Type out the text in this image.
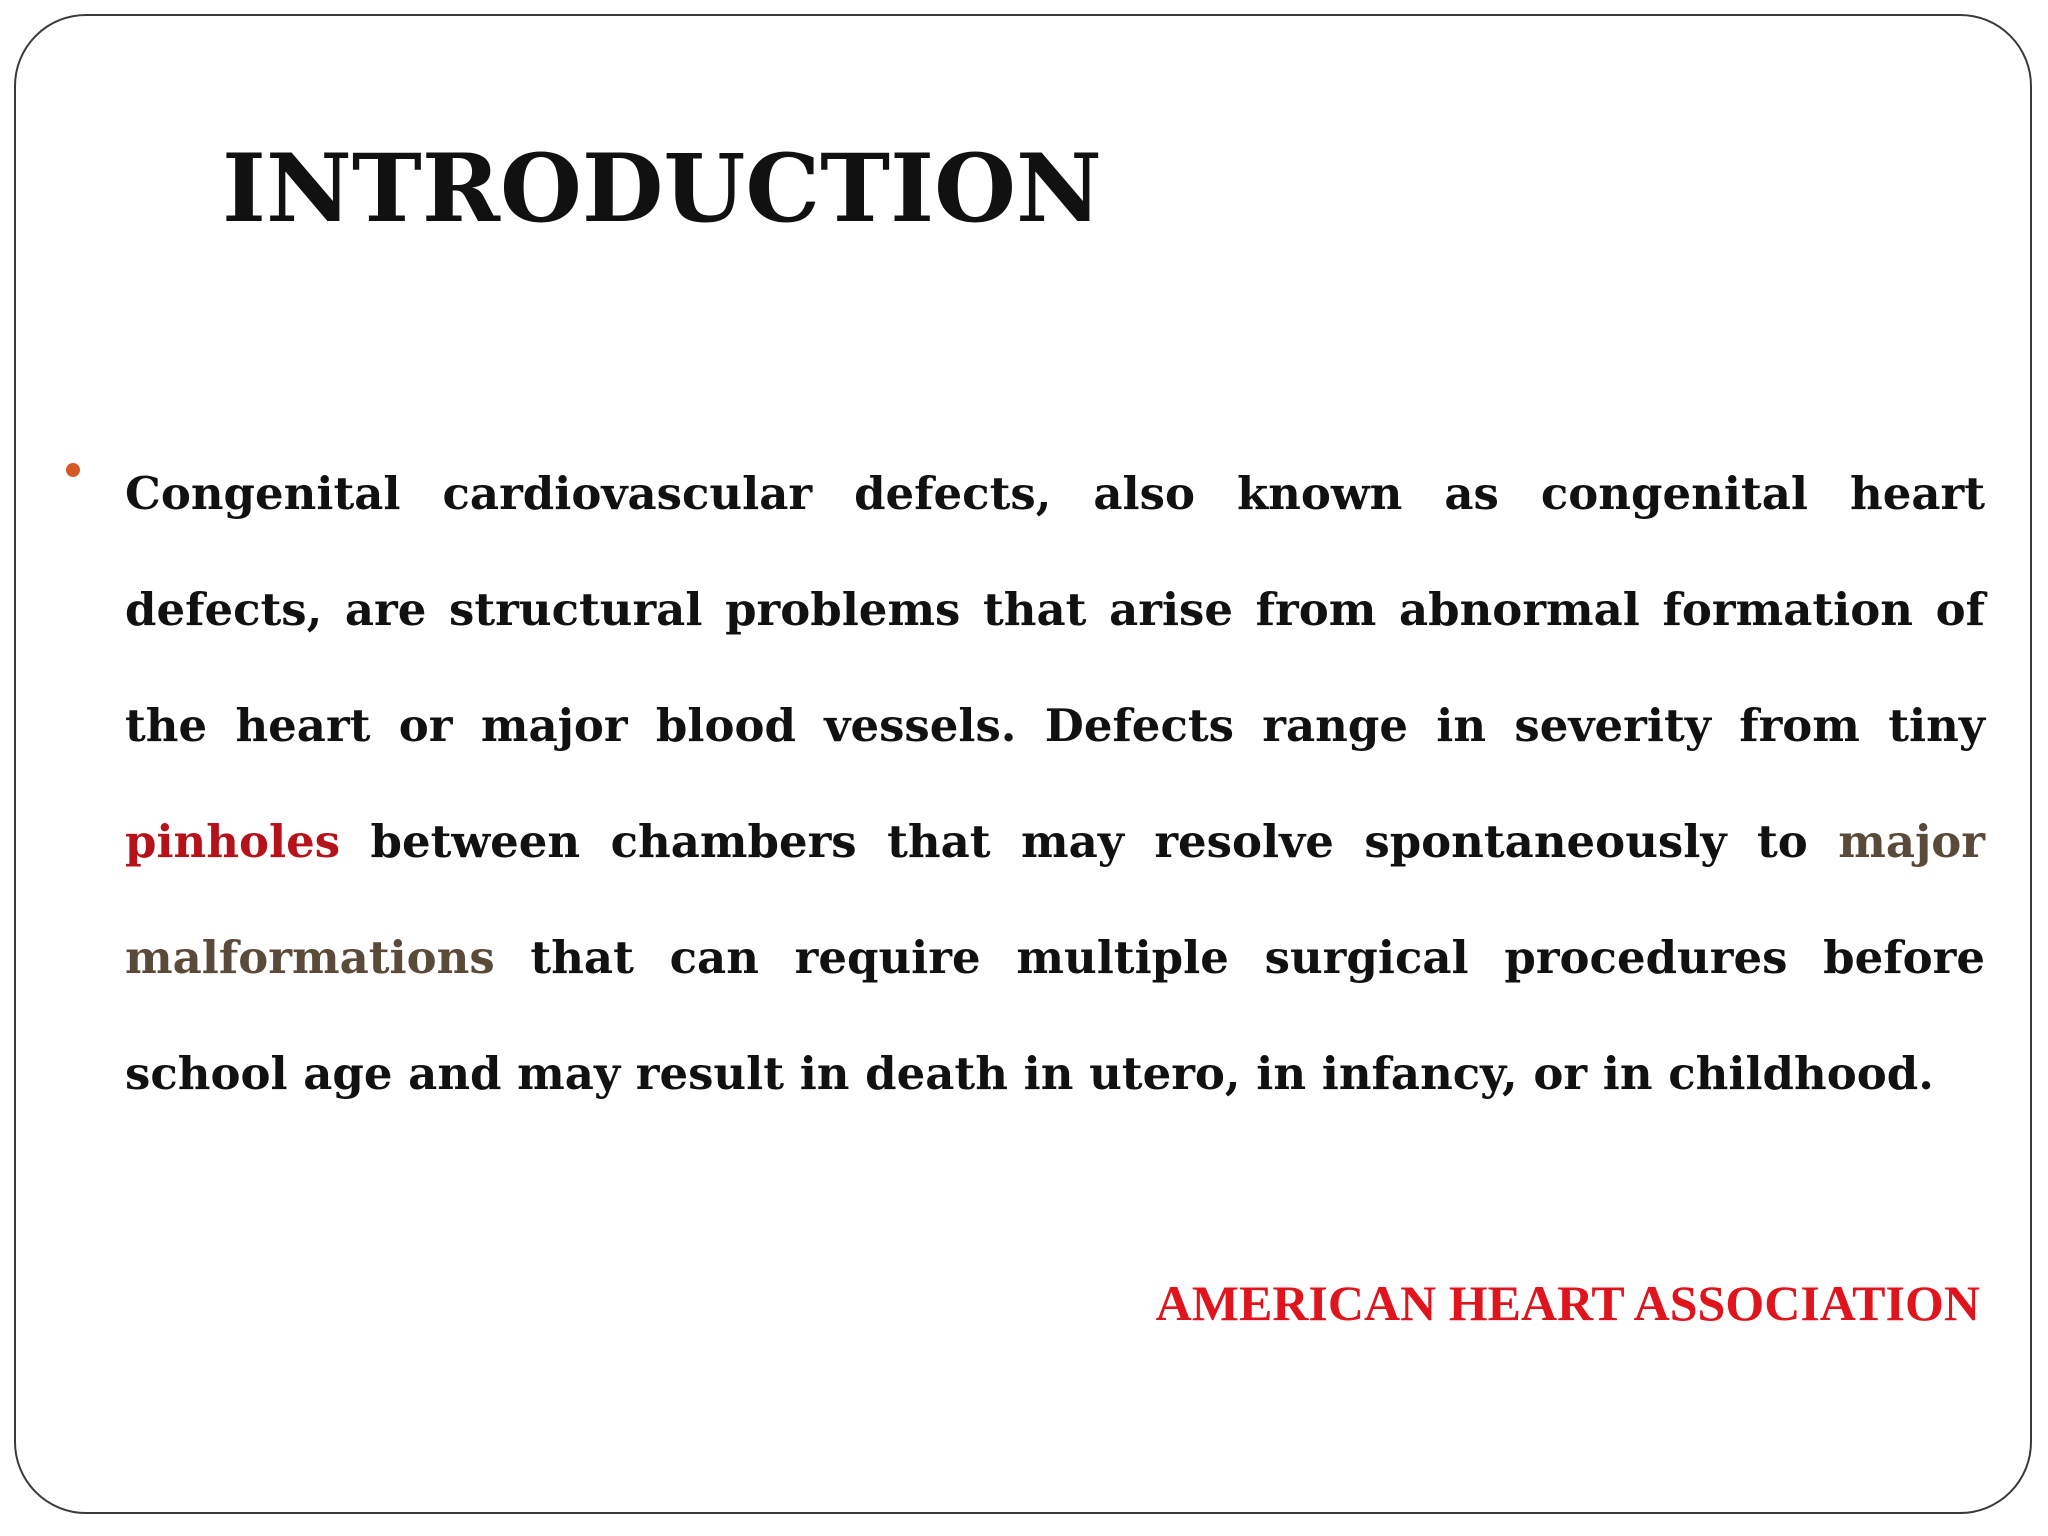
INTRODUCTION

Congenital cardiovascular defects, also known as congenital heart defects, are structural problems that arise from abnormal formation of the heart or major blood vessels. Defects range in severity from tiny pinholes between chambers that may resolve spontaneously to major malformations that can require multiple surgical procedures before school age and may result in death in utero, in infancy, or in childhood.

AMERICAN HEART ASSOCIATION
